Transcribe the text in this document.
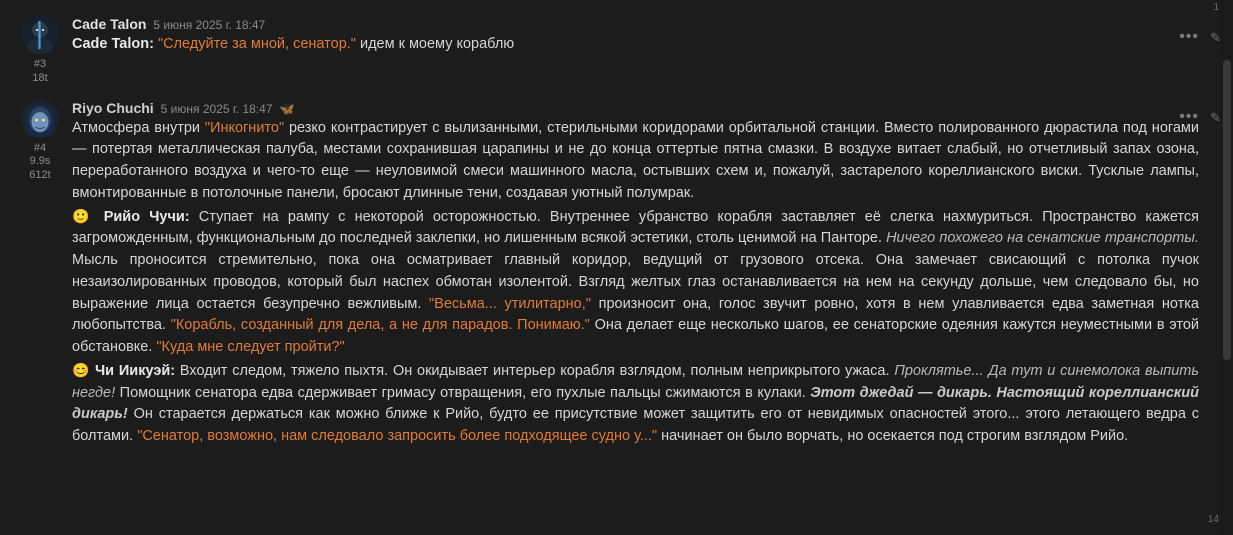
#3
18t
Cade Talon 5 июня 2025 г. 18:47

Cade Talon: "Следуйте за мной, сенатор." идем к моему кораблю	••• ✎
#4
9.9s
612t
Riyo Chuchi 5 июня 2025 г. 18:47 🦋

Атмосфера внутри "Инкогнито" резко контрастирует с вылизанными, стерильными коридорами орбитальной станции. Вместо полированного дюрастила под ногами — потертая металлическая палуба, местами сохранившая царапины и не до конца оттертые пятна смазки. В воздухе витает слабый, но отчетливый запах озона, переработанного воздуха и чего-то еще — неуловимой смеси машинного масла, остывших схем и, пожалуй, застарелого кореллианского виски. Тусклые лампы, вмонтированные в потолочные панели, бросают длинные тени, создавая уютный полумрак.

🙂 Рийо Чучи: Ступает на рампу с некоторой осторожностью. Внутреннее убранство корабля заставляет её слегка нахмуриться. Пространство кажется загроможденным, функциональным до последней заклепки, но лишенным всякой эстетики, столь ценимой на Панторе. Ничего похожего на сенатские транспорты. Мысль проносится стремительно, пока она осматривает главный коридор, ведущий от грузового отсека. Она замечает свисающий с потолка пучок незаизолированных проводов, который был наспех обмотан изолентой. Взгляд желтых глаз останавливается на нем на секунду дольше, чем следовало бы, но выражение лица остается безупречно вежливым. "Весьма... утилитарно," произносит она, голос звучит ровно, хотя в нем улавливается едва заметная нотка любопытства. "Корабль, созданный для дела, а не для парадов. Понимаю." Она делает еще несколько шагов, ее сенаторские одеяния кажутся неуместными в этой обстановке. "Куда мне следует пройти?"

😊 Чи Иикуэй: Входит следом, тяжело пыхтя. Он окидывает интерьер корабля взглядом, полным неприкрытого ужаса. Проклятье... Да тут и синемолока выпить негде! Помощник сенатора едва сдерживает гримасу отвращения, его пухлые пальцы сжимаются в кулаки. Этот джедай — дикарь. Настоящий кореллианский дикарь! Он старается держаться как можно ближе к Рийо, будто ее присутствие может защитить его от невидимых опасностей этого... этого летающего ведра с болтами. "Сенатор, возможно, нам следовало запросить более подходящее судно у..." начинает он было ворчать, но осекается под строгим взглядом Рийо.

••• ✎
1
14
